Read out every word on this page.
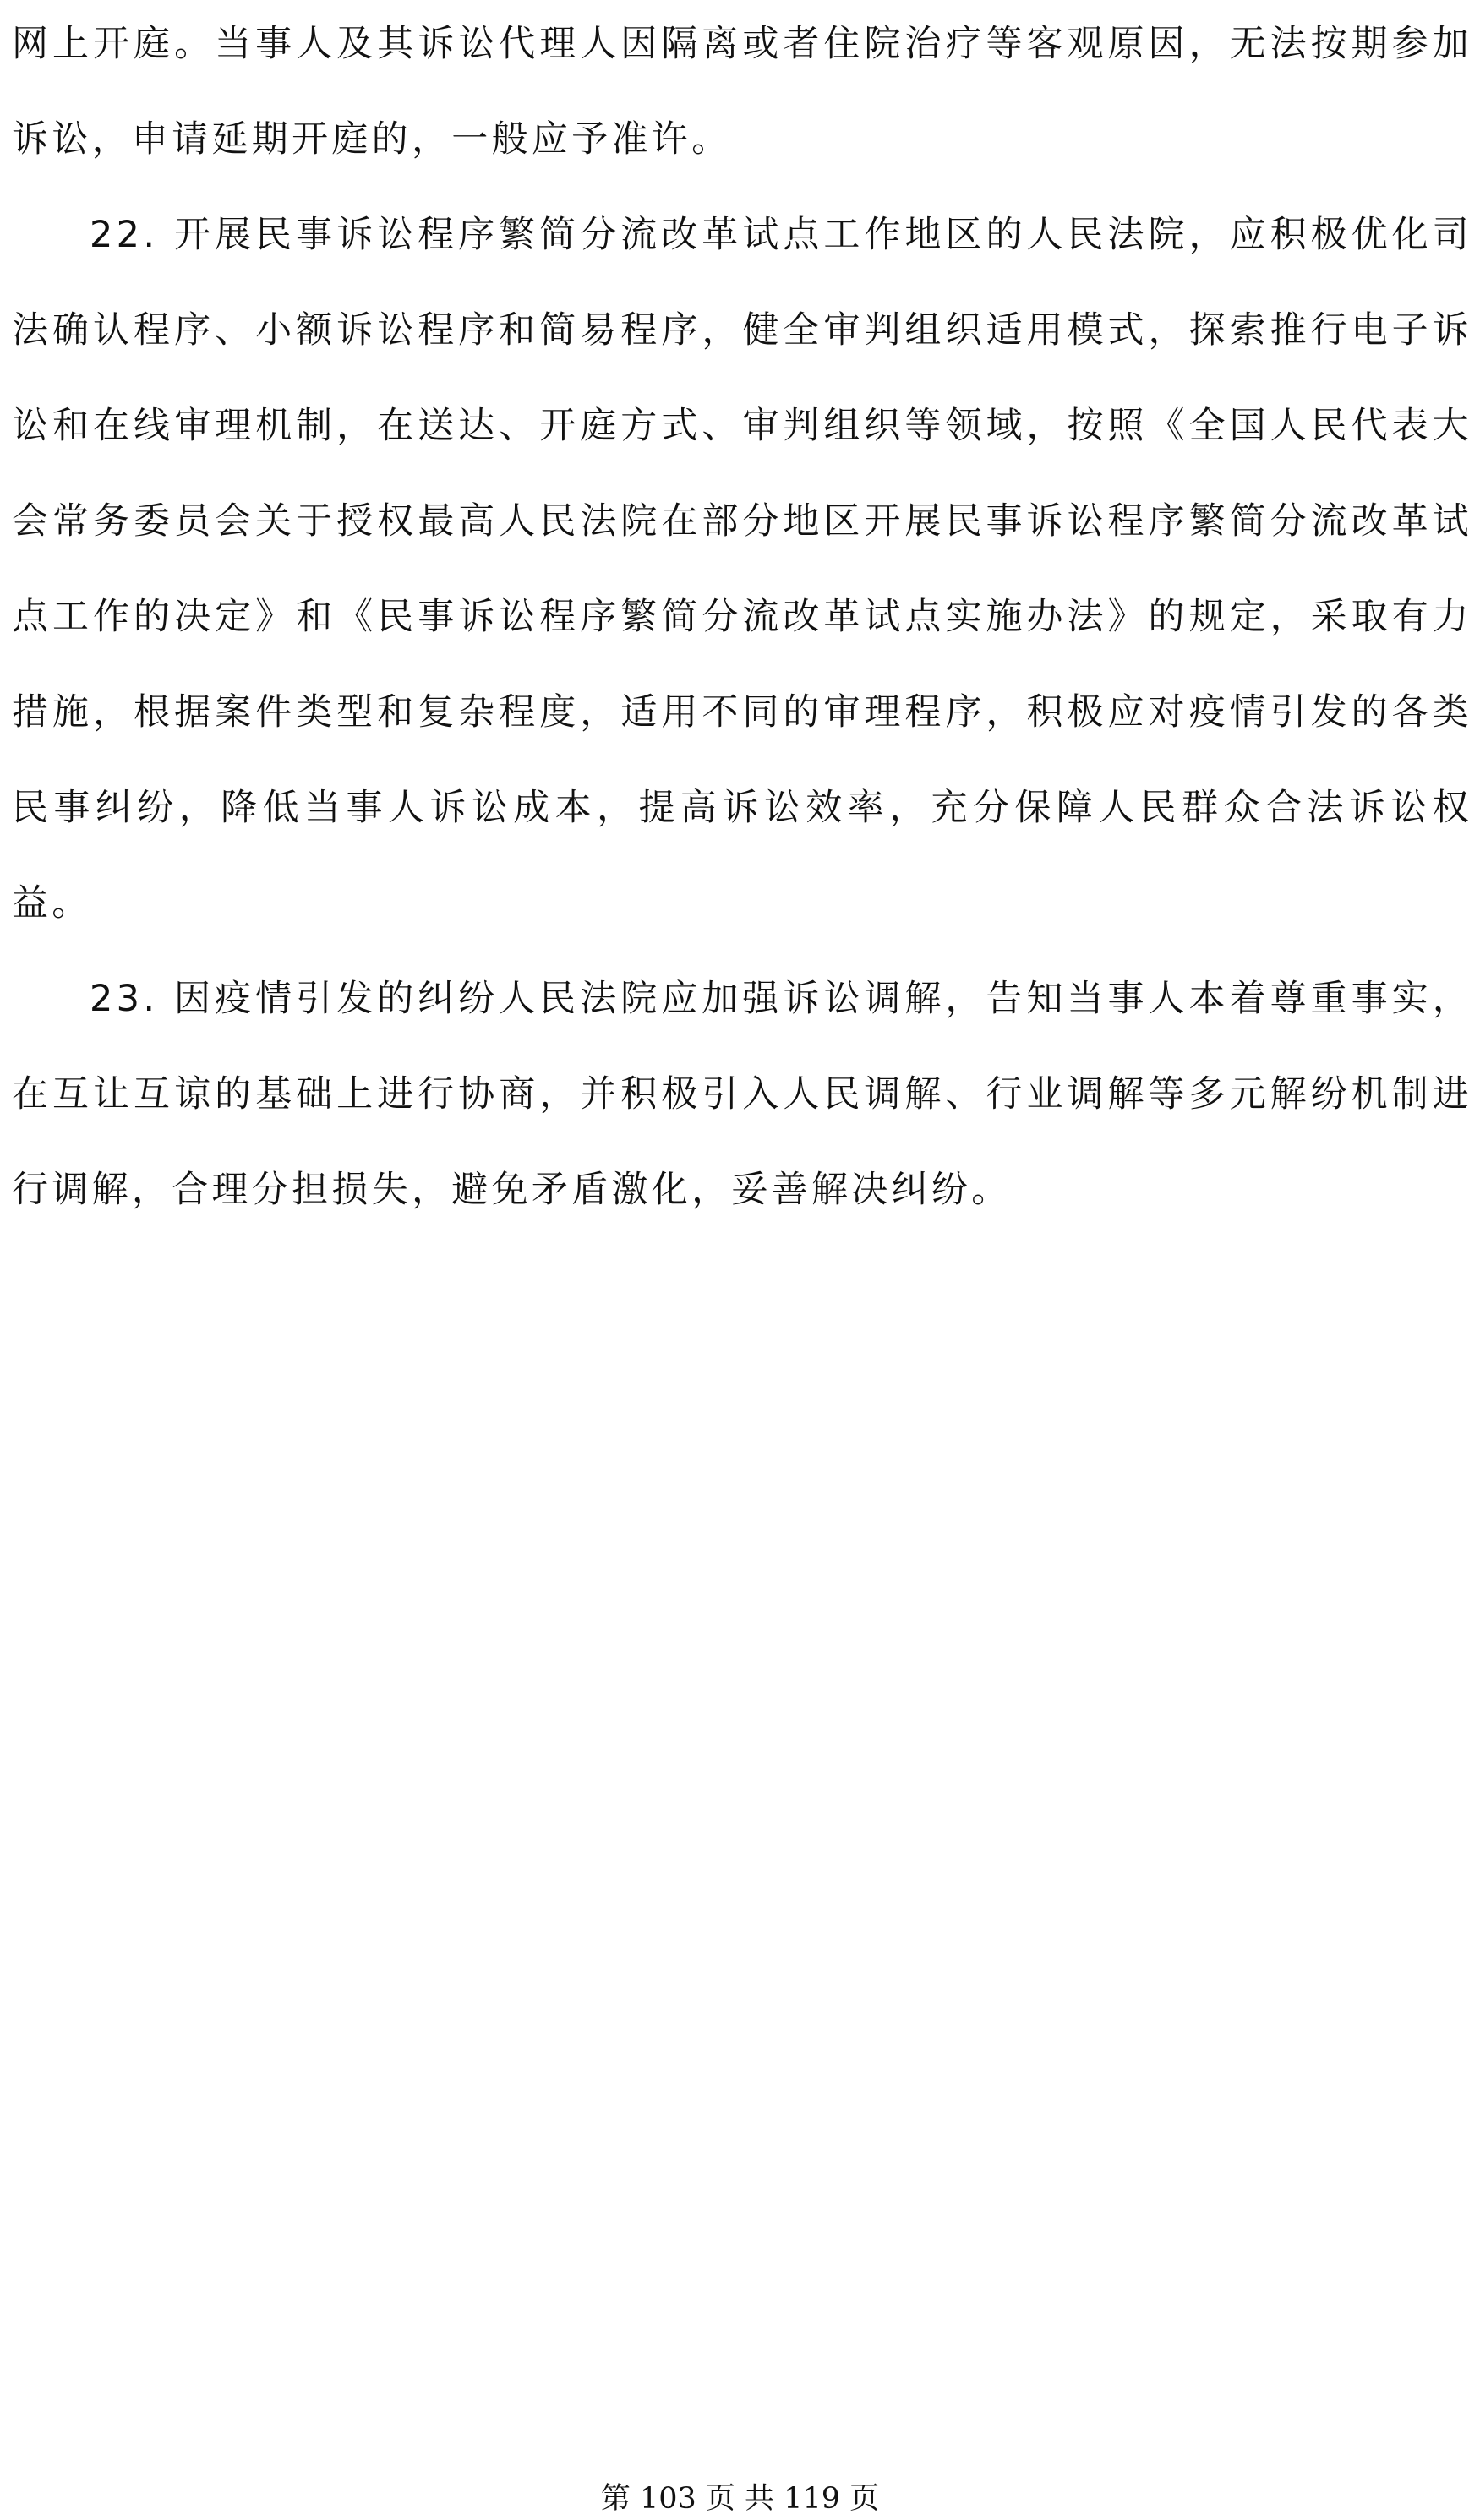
网上开庭。当事人及其诉讼代理人因隔离或者住院治疗等客观原因，无法按期参加诉讼，申请延期开庭的，一般应予准许。

22. 开展民事诉讼程序繁简分流改革试点工作地区的人民法院，应积极优化司法确认程序、小额诉讼程序和简易程序，健全审判组织适用模式，探索推行电子诉讼和在线审理机制，在送达、开庭方式、审判组织等领域，按照《全国人民代表大会常务委员会关于授权最高人民法院在部分地区开展民事诉讼程序繁简分流改革试点工作的决定》和《民事诉讼程序繁简分流改革试点实施办法》的规定，采取有力措施，根据案件类型和复杂程度，适用不同的审理程序，积极应对疫情引发的各类民事纠纷，降低当事人诉讼成本，提高诉讼效率，充分保障人民群众合法诉讼权益。

23. 因疫情引发的纠纷人民法院应加强诉讼调解，告知当事人本着尊重事实，在互让互谅的基础上进行协商，并积极引入人民调解、行业调解等多元解纷机制进行调解，合理分担损失，避免矛盾激化，妥善解决纠纷。

第 103 页 共 119 页
